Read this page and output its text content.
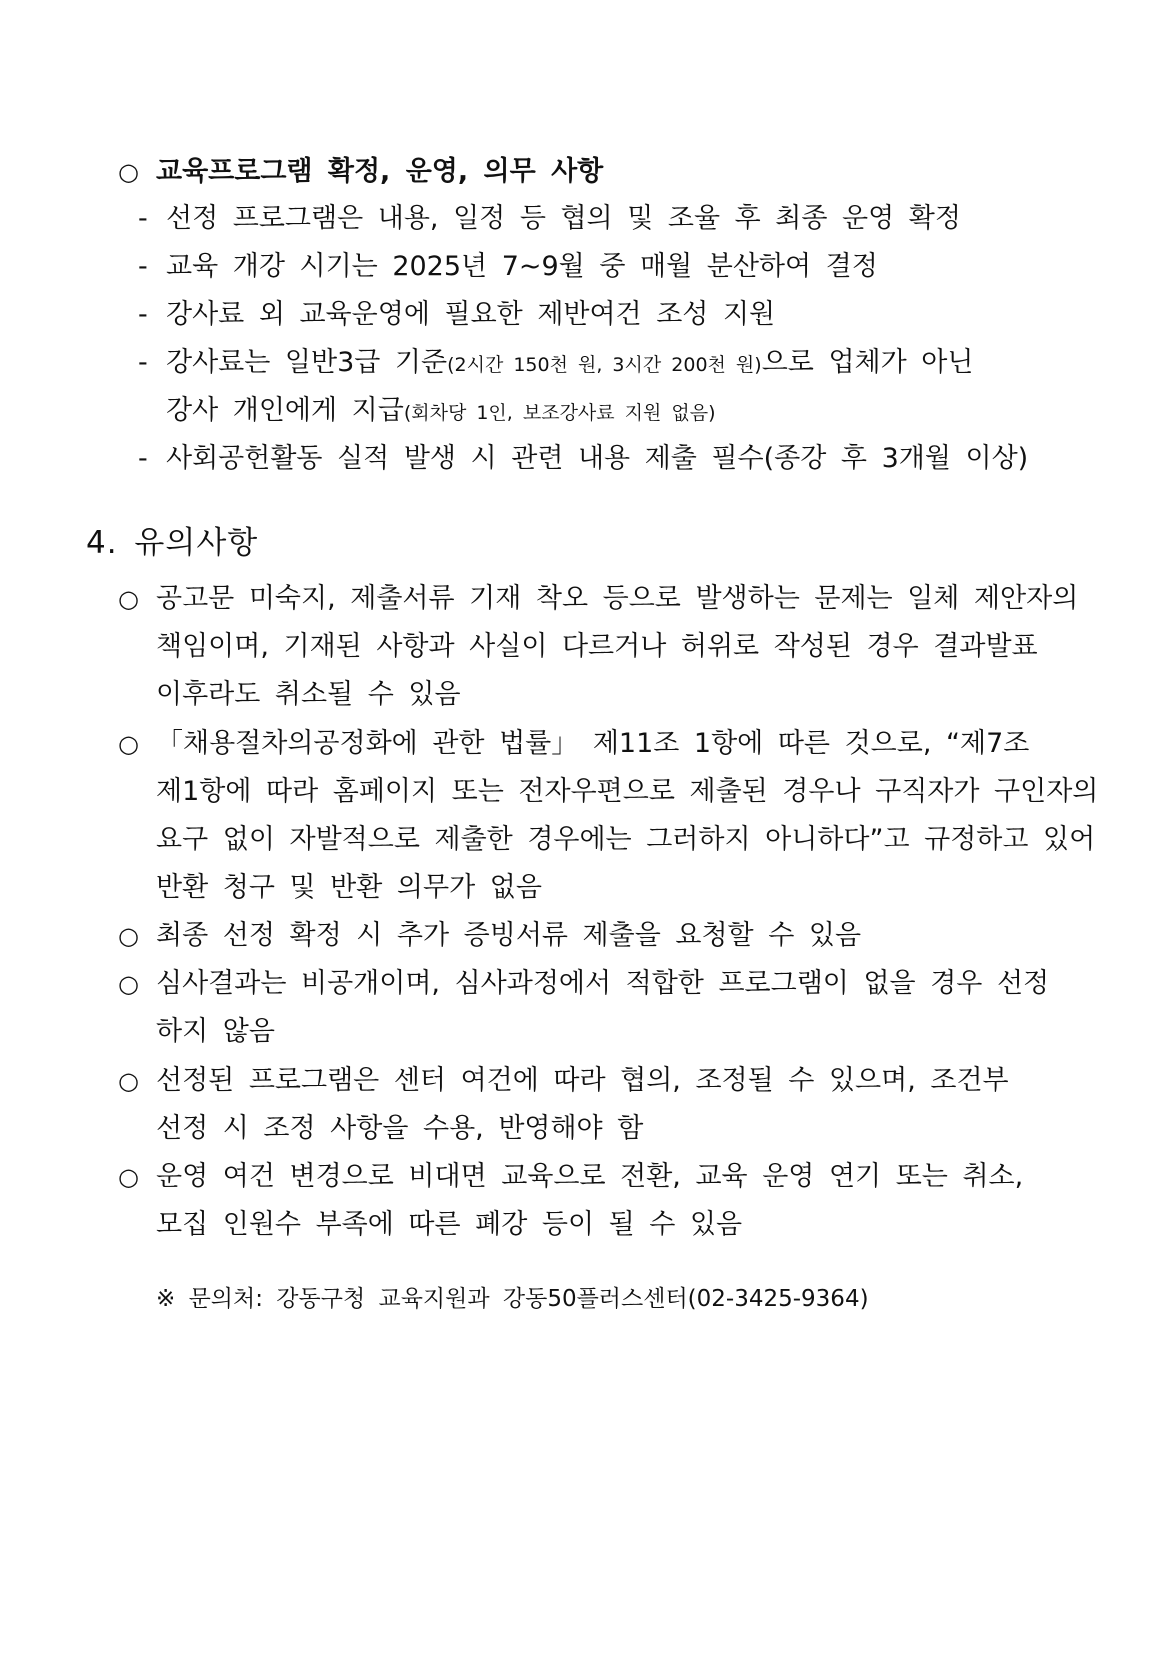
○ 교육프로그램 확정, 운영, 의무 사항
- 선정 프로그램은 내용, 일정 등 협의 및 조율 후 최종 운영 확정
- 교육 개강 시기는 2025년 7~9월 중 매월 분산하여 결정
- 강사료 외 교육운영에 필요한 제반여건 조성 지원
- 강사료는 일반3급 기준(2시간 150천 원, 3시간 200천 원)으로 업체가 아닌
강사 개인에게 지급(회차당 1인, 보조강사료 지원 없음)
- 사회공헌활동 실적 발생 시 관련 내용 제출 필수(종강 후 3개월 이상)
4. 유의사항
○ 공고문 미숙지, 제출서류 기재 착오 등으로 발생하는 문제는 일체 제안자의
책임이며, 기재된 사항과 사실이 다르거나 허위로 작성된 경우 결과발표
이후라도 취소될 수 있음
○ 「채용절차의공정화에 관한 법률」 제11조 1항에 따른 것으로, “제7조
제1항에 따라 홈페이지 또는 전자우편으로 제출된 경우나 구직자가 구인자의
요구 없이 자발적으로 제출한 경우에는 그러하지 아니하다”고 규정하고 있어
반환 청구 및 반환 의무가 없음
○ 최종 선정 확정 시 추가 증빙서류 제출을 요청할 수 있음
○ 심사결과는 비공개이며, 심사과정에서 적합한 프로그램이 없을 경우 선정
하지 않음
○ 선정된 프로그램은 센터 여건에 따라 협의, 조정될 수 있으며, 조건부
선정 시 조정 사항을 수용, 반영해야 함
○ 운영 여건 변경으로 비대면 교육으로 전환, 교육 운영 연기 또는 취소,
모집 인원수 부족에 따른 폐강 등이 될 수 있음
※ 문의처: 강동구청 교육지원과 강동50플러스센터(02-3425-9364)
